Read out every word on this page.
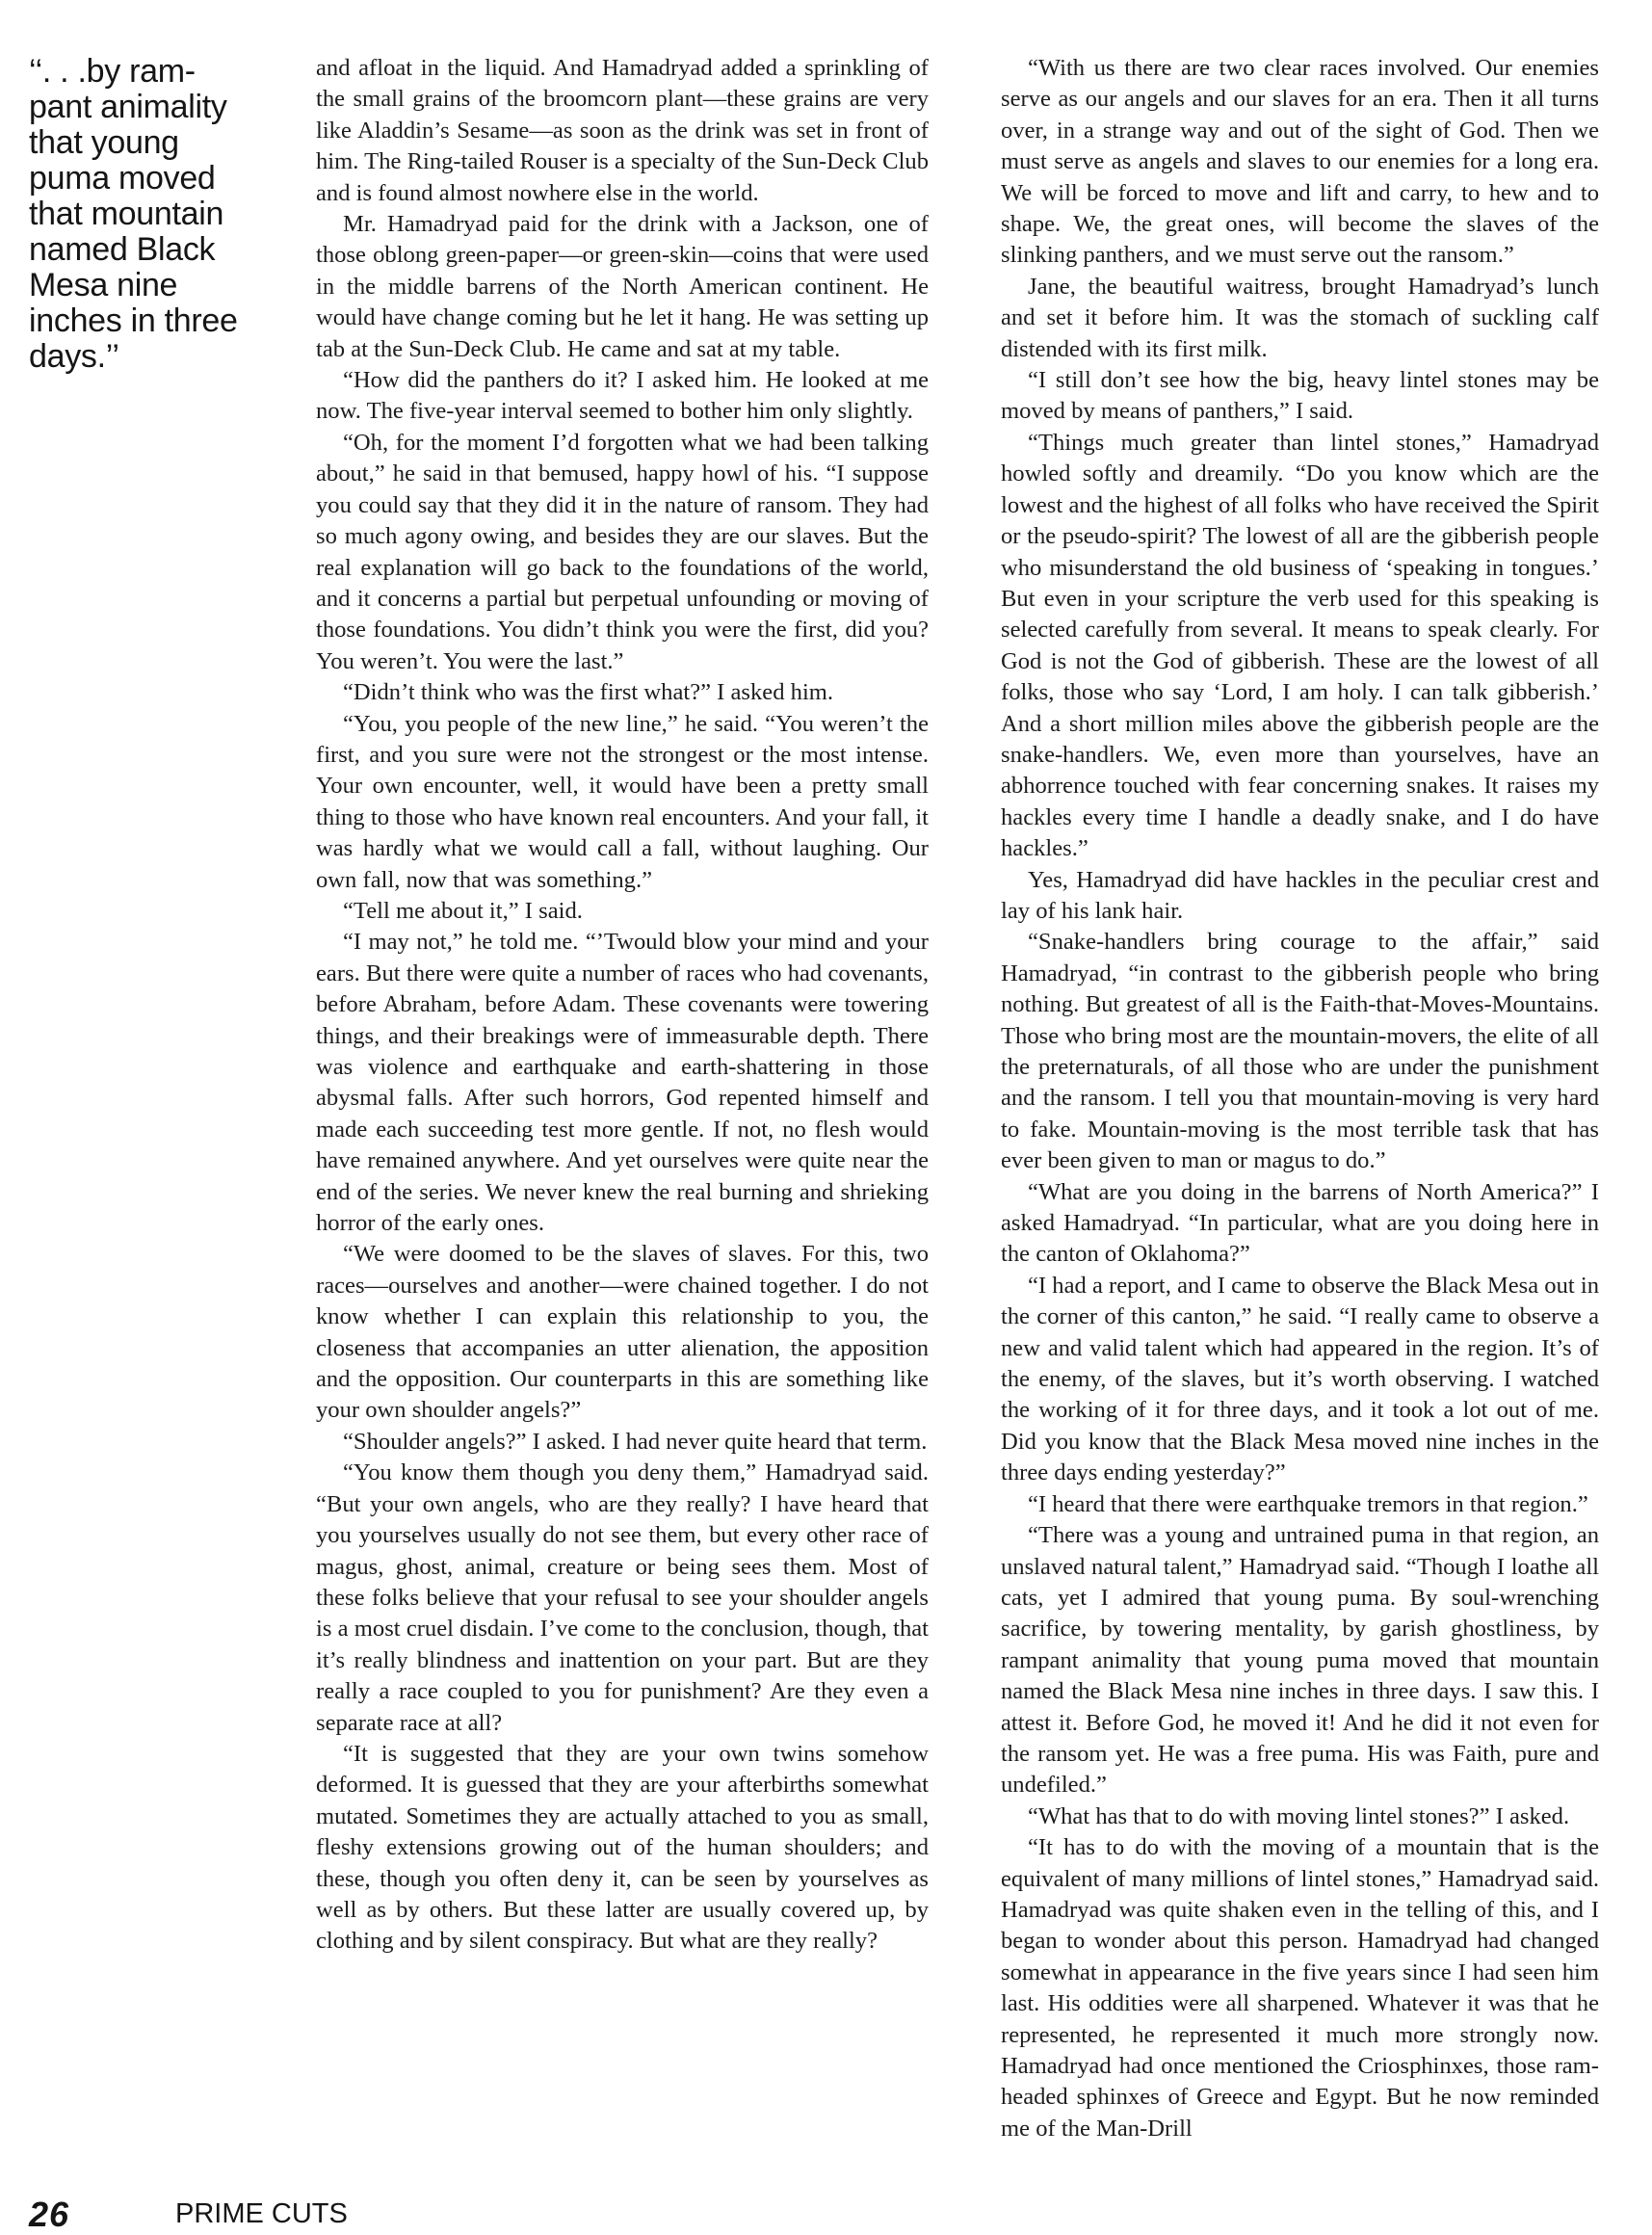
‘‘. . .by ram-
pant animality
that young
puma moved
that mountain
named Black
Mesa nine
inches in three
days.’’

and afloat in the liquid. And Hamadryad added a sprinkling of the small grains of the broomcorn plant—these grains are very like Aladdin’s Sesame—as soon as the drink was set in front of him. The Ring-tailed Rouser is a specialty of the Sun-Deck Club and is found almost nowhere else in the world.

Mr. Hamadryad paid for the drink with a Jackson, one of those oblong green-paper—or green-skin—coins that were used in the middle barrens of the North American continent. He would have change coming but he let it hang. He was setting up tab at the Sun-Deck Club. He came and sat at my table.

“How did the panthers do it? I asked him. He looked at me now. The five-year interval seemed to bother him only slightly.

“Oh, for the moment I’d forgotten what we had been talking about,” he said in that bemused, happy howl of his. “I suppose you could say that they did it in the nature of ransom. They had so much agony owing, and besides they are our slaves. But the real explanation will go back to the foundations of the world, and it concerns a partial but perpetual unfounding or moving of those foundations. You didn’t think you were the first, did you? You weren’t. You were the last.”

“Didn’t think who was the first what?” I asked him.

“You, you people of the new line,” he said. “You weren’t the first, and you sure were not the strongest or the most intense. Your own encounter, well, it would have been a pretty small thing to those who have known real encounters. And your fall, it was hardly what we would call a fall, without laughing. Our own fall, now that was something.”

“Tell me about it,” I said.

“I may not,” he told me. “’Twould blow your mind and your ears. But there were quite a number of races who had covenants, before Abraham, before Adam. These covenants were towering things, and their breakings were of immeasurable depth. There was violence and earthquake and earth-shattering in those abysmal falls. After such horrors, God repented himself and made each succeeding test more gentle. If not, no flesh would have remained anywhere. And yet ourselves were quite near the end of the series. We never knew the real burning and shrieking horror of the early ones.

“We were doomed to be the slaves of slaves. For this, two races—ourselves and another—were chained together. I do not know whether I can explain this relationship to you, the closeness that accompanies an utter alienation, the apposition and the opposition. Our counterparts in this are something like your own shoulder angels?”

“Shoulder angels?” I asked. I had never quite heard that term.

“You know them though you deny them,” Hamadryad said. “But your own angels, who are they really? I have heard that you yourselves usually do not see them, but every other race of magus, ghost, animal, creature or being sees them. Most of these folks believe that your refusal to see your shoulder angels is a most cruel disdain. I’ve come to the conclusion, though, that it’s really blindness and inattention on your part. But are they really a race coupled to you for punishment? Are they even a separate race at all?

“It is suggested that they are your own twins somehow deformed. It is guessed that they are your afterbirths somewhat mutated. Sometimes they are actually attached to you as small, fleshy extensions growing out of the human shoulders; and these, though you often deny it, can be seen by yourselves as well as by others. But these latter are usually covered up, by clothing and by silent conspiracy. But what are they really?

“With us there are two clear races involved. Our enemies serve as our angels and our slaves for an era. Then it all turns over, in a strange way and out of the sight of God. Then we must serve as angels and slaves to our enemies for a long era. We will be forced to move and lift and carry, to hew and to shape. We, the great ones, will become the slaves of the slinking panthers, and we must serve out the ransom.”

Jane, the beautiful waitress, brought Hamadryad’s lunch and set it before him. It was the stomach of suckling calf distended with its first milk.

“I still don’t see how the big, heavy lintel stones may be moved by means of panthers,” I said.

“Things much greater than lintel stones,” Hamadryad howled softly and dreamily. “Do you know which are the lowest and the highest of all folks who have received the Spirit or the pseudo-spirit? The lowest of all are the gibberish people who misunderstand the old business of ‘speaking in tongues.’ But even in your scripture the verb used for this speaking is selected carefully from several. It means to speak clearly. For God is not the God of gibberish. These are the lowest of all folks, those who say ‘Lord, I am holy. I can talk gibberish.’ And a short million miles above the gibberish people are the snake-handlers. We, even more than yourselves, have an abhorrence touched with fear concerning snakes. It raises my hackles every time I handle a deadly snake, and I do have hackles.”

Yes, Hamadryad did have hackles in the peculiar crest and lay of his lank hair.

“Snake-handlers bring courage to the affair,” said Hamadryad, “in contrast to the gibberish people who bring nothing. But greatest of all is the Faith-that-Moves-Mountains. Those who bring most are the mountain-movers, the elite of all the preternaturals, of all those who are under the punishment and the ransom. I tell you that mountain-moving is very hard to fake. Mountain-moving is the most terrible task that has ever been given to man or magus to do.”

“What are you doing in the barrens of North America?” I asked Hamadryad. “In particular, what are you doing here in the canton of Oklahoma?”

“I had a report, and I came to observe the Black Mesa out in the corner of this canton,” he said. “I really came to observe a new and valid talent which had appeared in the region. It’s of the enemy, of the slaves, but it’s worth observing. I watched the working of it for three days, and it took a lot out of me. Did you know that the Black Mesa moved nine inches in the three days ending yesterday?”

“I heard that there were earthquake tremors in that region.”

“There was a young and untrained puma in that region, an unslaved natural talent,” Hamadryad said. “Though I loathe all cats, yet I admired that young puma. By soul-wrenching sacrifice, by towering mentality, by garish ghostliness, by rampant animality that young puma moved that mountain named the Black Mesa nine inches in three days. I saw this. I attest it. Before God, he moved it! And he did it not even for the ransom yet. He was a free puma. His was Faith, pure and undefiled.”

“What has that to do with moving lintel stones?” I asked.

“It has to do with the moving of a mountain that is the equivalent of many millions of lintel stones,” Hamadryad said. Hamadryad was quite shaken even in the telling of this, and I began to wonder about this person. Hamadryad had changed somewhat in appearance in the five years since I had seen him last. His oddities were all sharpened. Whatever it was that he represented, he represented it much more strongly now. Hamadryad had once mentioned the Criosphinxes, those ram-headed sphinxes of Greece and Egypt. But he now reminded me of the Man-Drill

26	PRIME CUTS
